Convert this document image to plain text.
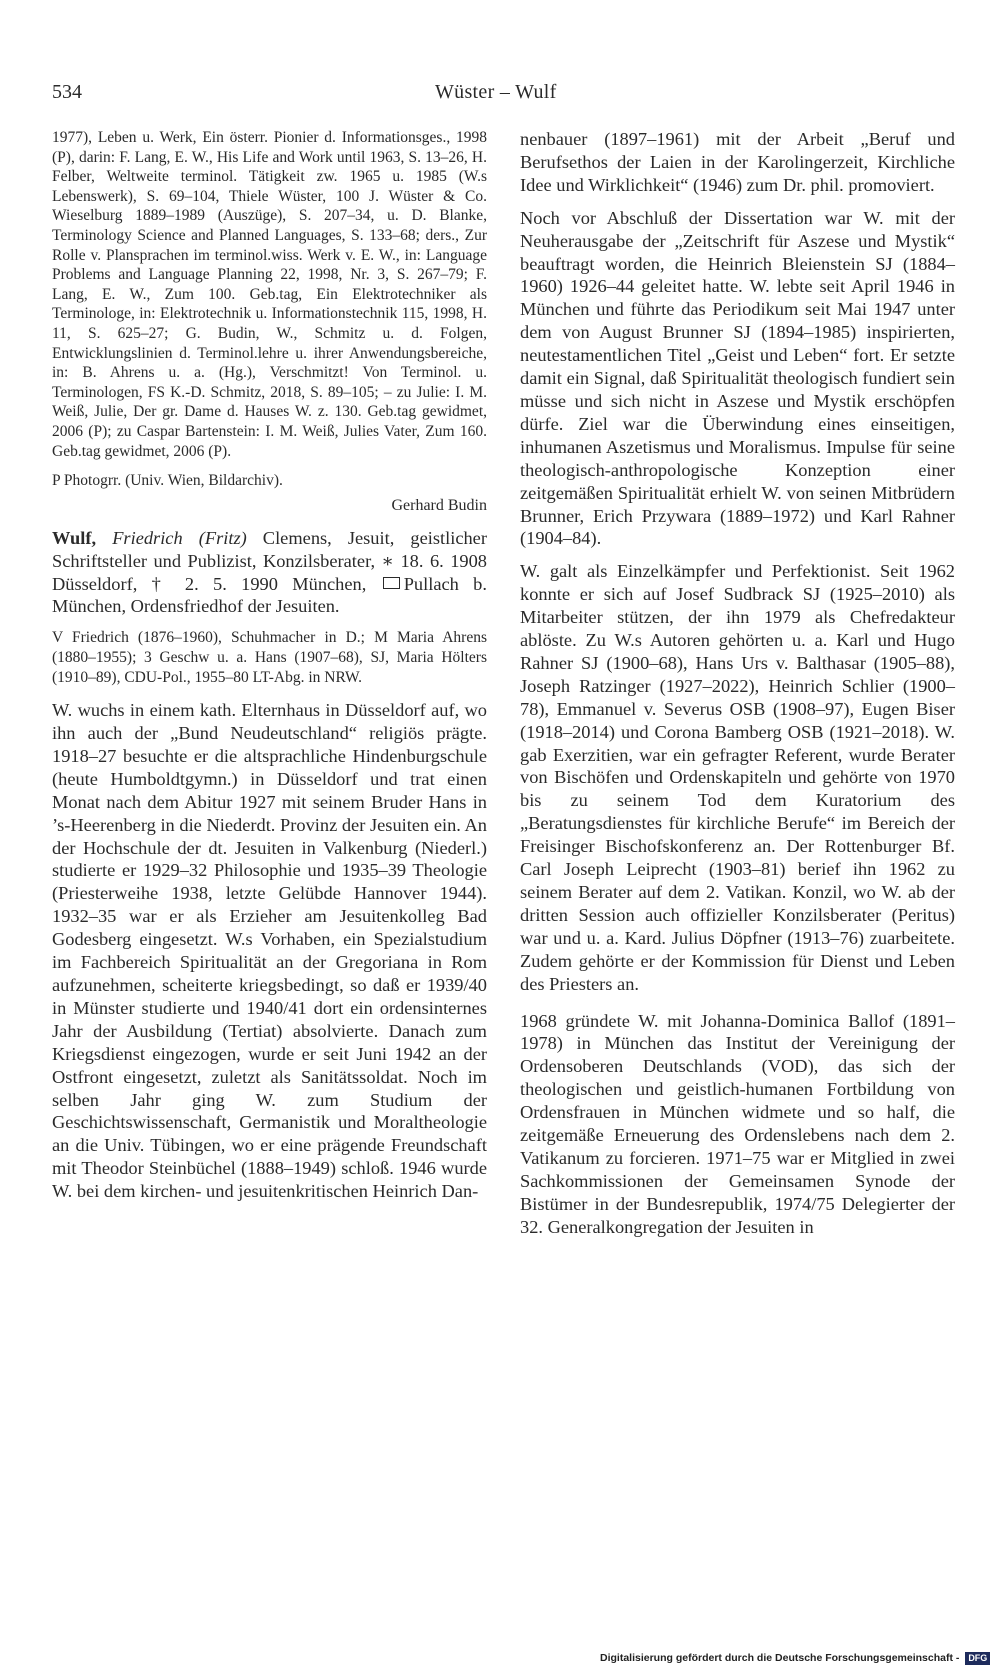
534	Wüster – Wulf

1977), Leben u. Werk, Ein österr. Pionier d. Informationsges., 1998 (P), darin: F. Lang, E. W., His Life and Work until 1963, S. 13–26, H. Felber, Weltweite terminol. Tätigkeit zw. 1965 u. 1985 (W.s Lebenswerk), S. 69–104, Thiele Wüster, 100 J. Wüster & Co. Wieselburg 1889–1989 (Auszüge), S. 207–34, u. D. Blanke, Terminology Science and Planned Languages, S. 133–68; ders., Zur Rolle v. Plansprachen im terminol.wiss. Werk v. E. W., in: Language Problems and Language Planning 22, 1998, Nr. 3, S. 267–79; F. Lang, E. W., Zum 100. Geb.tag, Ein Elektrotechniker als Terminologe, in: Elektrotechnik u. Informationstechnik 115, 1998, H. 11, S. 625–27; G. Budin, W., Schmitz u. d. Folgen, Entwicklungslinien d. Terminol.lehre u. ihrer Anwendungsbereiche, in: B. Ahrens u. a. (Hg.), Verschmitzt! Von Terminol. u. Terminologen, FS K.-D. Schmitz, 2018, S. 89–105; – zu Julie: I. M. Weiß, Julie, Der gr. Dame d. Hauses W. z. 130. Geb.tag gewidmet, 2006 (P); zu Caspar Bartenstein: I. M. Weiß, Julies Vater, Zum 160. Geb.tag gewidmet, 2006 (P).

P Photogrr. (Univ. Wien, Bildarchiv).

Gerhard Budin

Wulf, Friedrich (Fritz) Clemens, Jesuit, geistlicher Schriftsteller und Publizist, Konzilsberater, ∗ 18. 6. 1908 Düsseldorf, † 2. 5. 1990 München, Pullach b. München, Ordensfriedhof der Jesuiten.

V Friedrich (1876–1960), Schuhmacher in D.; M Maria Ahrens (1880–1955); 3 Geschw u. a. Hans (1907–68), SJ, Maria Hölters (1910–89), CDU-Pol., 1955–80 LT-Abg. in NRW.

W. wuchs in einem kath. Elternhaus in Düsseldorf auf, wo ihn auch der „Bund Neudeutschland“ religiös prägte. 1918–27 besuchte er die altsprachliche Hindenburgschule (heute Humboldtgymn.) in Düsseldorf und trat einen Monat nach dem Abitur 1927 mit seinem Bruder Hans in ’s-Heerenberg in die Niederdt. Provinz der Jesuiten ein. An der Hochschule der dt. Jesuiten in Valkenburg (Niederl.) studierte er 1929–32 Philosophie und 1935–39 Theologie (Priesterweihe 1938, letzte Gelübde Hannover 1944). 1932–35 war er als Erzieher am Jesuitenkolleg Bad Godesberg eingesetzt. W.s Vorhaben, ein Spezialstudium im Fachbereich Spiritualität an der Gregoriana in Rom aufzunehmen, scheiterte kriegsbedingt, so daß er 1939/40 in Münster studierte und 1940/41 dort ein ordensinternes Jahr der Ausbildung (Tertiat) absolvierte. Danach zum Kriegsdienst eingezogen, wurde er seit Juni 1942 an der Ostfront eingesetzt, zuletzt als Sanitätssoldat. Noch im selben Jahr ging W. zum Studium der Geschichtswissenschaft, Germanistik und Moraltheologie an die Univ. Tübingen, wo er eine prägende Freundschaft mit Theodor Steinbüchel (1888–1949) schloß. 1946 wurde W. bei dem kirchen- und jesuitenkritischen Heinrich Dan-

nenbauer (1897–1961) mit der Arbeit „Beruf und Berufsethos der Laien in der Karolingerzeit, Kirchliche Idee und Wirklichkeit“ (1946) zum Dr. phil. promoviert.

Noch vor Abschluß der Dissertation war W. mit der Neuherausgabe der „Zeitschrift für Aszese und Mystik“ beauftragt worden, die Heinrich Bleienstein SJ (1884–1960) 1926–44 geleitet hatte. W. lebte seit April 1946 in München und führte das Periodikum seit Mai 1947 unter dem von August Brunner SJ (1894–1985) inspirierten, neutestamentlichen Titel „Geist und Leben“ fort. Er setzte damit ein Signal, daß Spiritualität theologisch fundiert sein müsse und sich nicht in Aszese und Mystik erschöpfen dürfe. Ziel war die Überwindung eines einseitigen, inhumanen Aszetismus und Moralismus. Impulse für seine theologisch-anthropologische Konzeption einer zeitgemäßen Spiritualität erhielt W. von seinen Mitbrüdern Brunner, Erich Przywara (1889–1972) und Karl Rahner (1904–84).

W. galt als Einzelkämpfer und Perfektionist. Seit 1962 konnte er sich auf Josef Sudbrack SJ (1925–2010) als Mitarbeiter stützen, der ihn 1979 als Chefredakteur ablöste. Zu W.s Autoren gehörten u. a. Karl und Hugo Rahner SJ (1900–68), Hans Urs v. Balthasar (1905–88), Joseph Ratzinger (1927–2022), Heinrich Schlier (1900–78), Emmanuel v. Severus OSB (1908–97), Eugen Biser (1918–2014) und Corona Bamberg OSB (1921–2018). W. gab Exerzitien, war ein gefragter Referent, wurde Berater von Bischöfen und Ordenskapiteln und gehörte von 1970 bis zu seinem Tod dem Kuratorium des „Beratungsdienstes für kirchliche Berufe“ im Bereich der Freisinger Bischofskonferenz an. Der Rottenburger Bf. Carl Joseph Leiprecht (1903–81) berief ihn 1962 zu seinem Berater auf dem 2. Vatikan. Konzil, wo W. ab der dritten Session auch offizieller Konzilsberater (Peritus) war und u. a. Kard. Julius Döpfner (1913–76) zuarbeitete. Zudem gehörte er der Kommission für Dienst und Leben des Priesters an.

1968 gründete W. mit Johanna-Dominica Ballof (1891–1978) in München das Institut der Vereinigung der Ordensoberen Deutschlands (VOD), das sich der theologischen und geistlich-humanen Fortbildung von Ordensfrauen in München widmete und so half, die zeitgemäße Erneuerung des Ordenslebens nach dem 2. Vatikanum zu forcieren. 1971–75 war er Mitglied in zwei Sachkommissionen der Gemeinsamen Synode der Bistümer in der Bundesrepublik, 1974/75 Delegierter der 32. Generalkongregation der Jesuiten in

Digitalisierung gefördert durch die Deutsche Forschungsgemeinschaft - DFG
